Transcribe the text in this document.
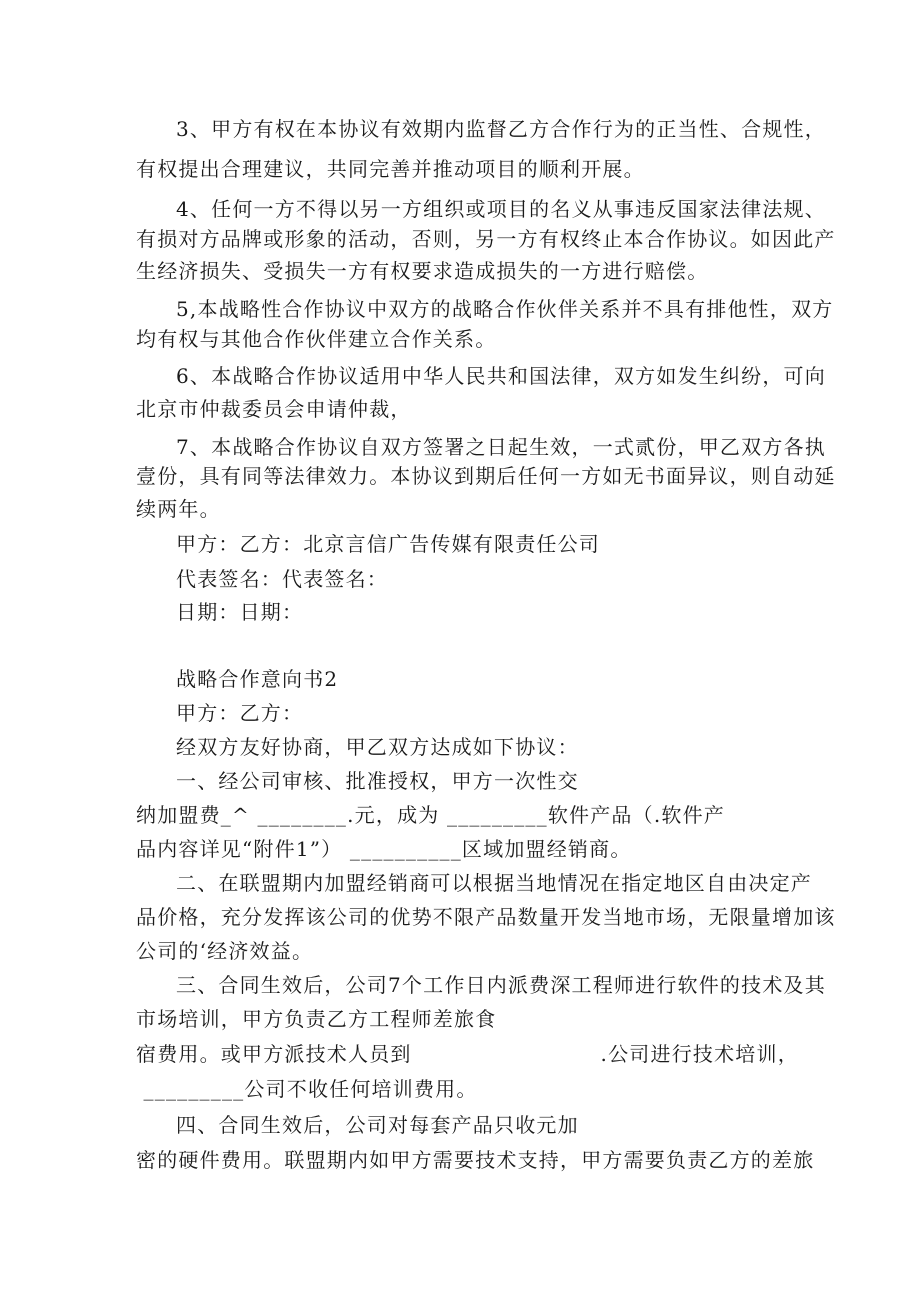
3、甲方有权在本协议有效期内监督乙方合作行为的正当性、合规性，
有权提出合理建议，共同完善并推动项目的顺利开展。
4、任何一方不得以另一方组织或项目的名义从事违反国家法律法规、
有损对方品牌或形象的活动，否则，另一方有权终止本合作协议。如因此产
生经济损失、受损失一方有权要求造成损失的一方进行赔偿。
5,本战略性合作协议中双方的战略合作伙伴关系并不具有排他性，双方
均有权与其他合作伙伴建立合作关系。
6、本战略合作协议适用中华人民共和国法律，双方如发生纠纷，可向
北京市仲裁委员会申请仲裁，
7、本战略合作协议自双方签署之日起生效，一式贰份，甲乙双方各执
壹份，具有同等法律效力。本协议到期后任何一方如无书面异议，则自动延
续两年。
甲方：乙方：北京言信广告传媒有限责任公司
代表签名：代表签名：
日期：日期：
战略合作意向书2
甲方：乙方：
经双方友好协商，甲乙双方达成如下协议：
一、经公司审核、批准授权，甲方一次性交
纳加盟费_^ ________.元，成为 _________软件产品（.软件产
品内容详见“附件1”） __________区域加盟经销商。
二、在联盟期内加盟经销商可以根据当地情况在指定地区自由决定产
品价格，充分发挥该公司的优势不限产品数量开发当地市场，无限量增加该
公司的‘经济效益。
三、合同生效后，公司7个工作日内派费深工程师进行软件的技术及其
市场培训，甲方负责乙方工程师差旅食
宿费用。或甲方派技术人员到                         .公司进行技术培训，
_________公司不收任何培训费用。
四、合同生效后，公司对每套产品只收元加
密的硬件费用。联盟期内如甲方需要技术支持，甲方需要负责乙方的差旅
